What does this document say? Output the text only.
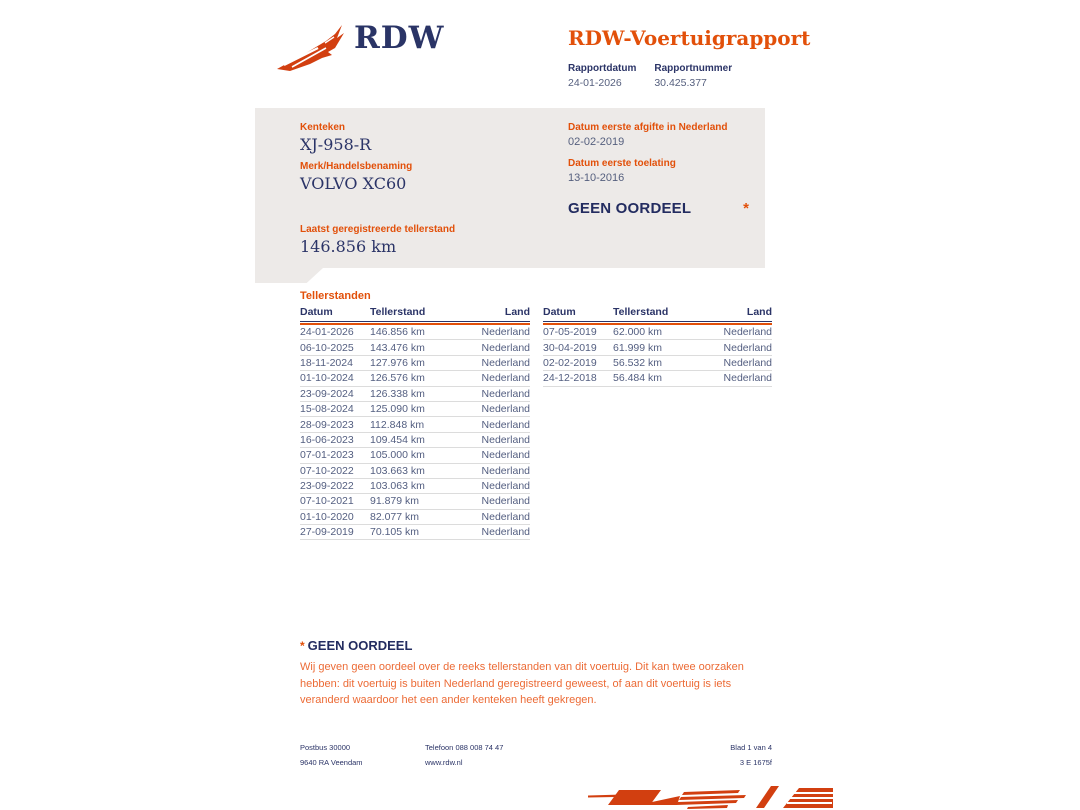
RDW	RDW-Voertuigrapport
Rapportdatum
24-01-2026
Rapportnummer
30.425.377
Kenteken
XJ-958-R
Merk/Handelsbenaming
VOLVO XC60
Laatst geregistreerde tellerstand
146.856 km
Datum eerste afgifte in Nederland
02-02-2019
Datum eerste toelating
13-10-2016
GEEN OORDEEL	*
Tellerstanden
Datum	Tellerstand	Land
24-01-2026	146.856 km	Nederland
06-10-2025	143.476 km	Nederland
18-11-2024	127.976 km	Nederland
01-10-2024	126.576 km	Nederland
23-09-2024	126.338 km	Nederland
15-08-2024	125.090 km	Nederland
28-09-2023	112.848 km	Nederland
16-06-2023	109.454 km	Nederland
07-01-2023	105.000 km	Nederland
07-10-2022	103.663 km	Nederland
23-09-2022	103.063 km	Nederland
07-10-2021	91.879 km	Nederland
01-10-2020	82.077 km	Nederland
27-09-2019	70.105 km	Nederland
Datum	Tellerstand	Land
07-05-2019	62.000 km	Nederland
30-04-2019	61.999 km	Nederland
02-02-2019	56.532 km	Nederland
24-12-2018	56.484 km	Nederland
* GEEN OORDEEL
Wij geven geen oordeel over de reeks tellerstanden van dit voertuig. Dit kan twee oorzaken hebben: dit voertuig is buiten Nederland geregistreerd geweest, of aan dit voertuig is iets veranderd waardoor het een ander kenteken heeft gekregen.
Postbus 30000
9640 RA Veendam
Telefoon 088 008 74 47
www.rdw.nl
Blad 1 van 4
3 E 1675f
